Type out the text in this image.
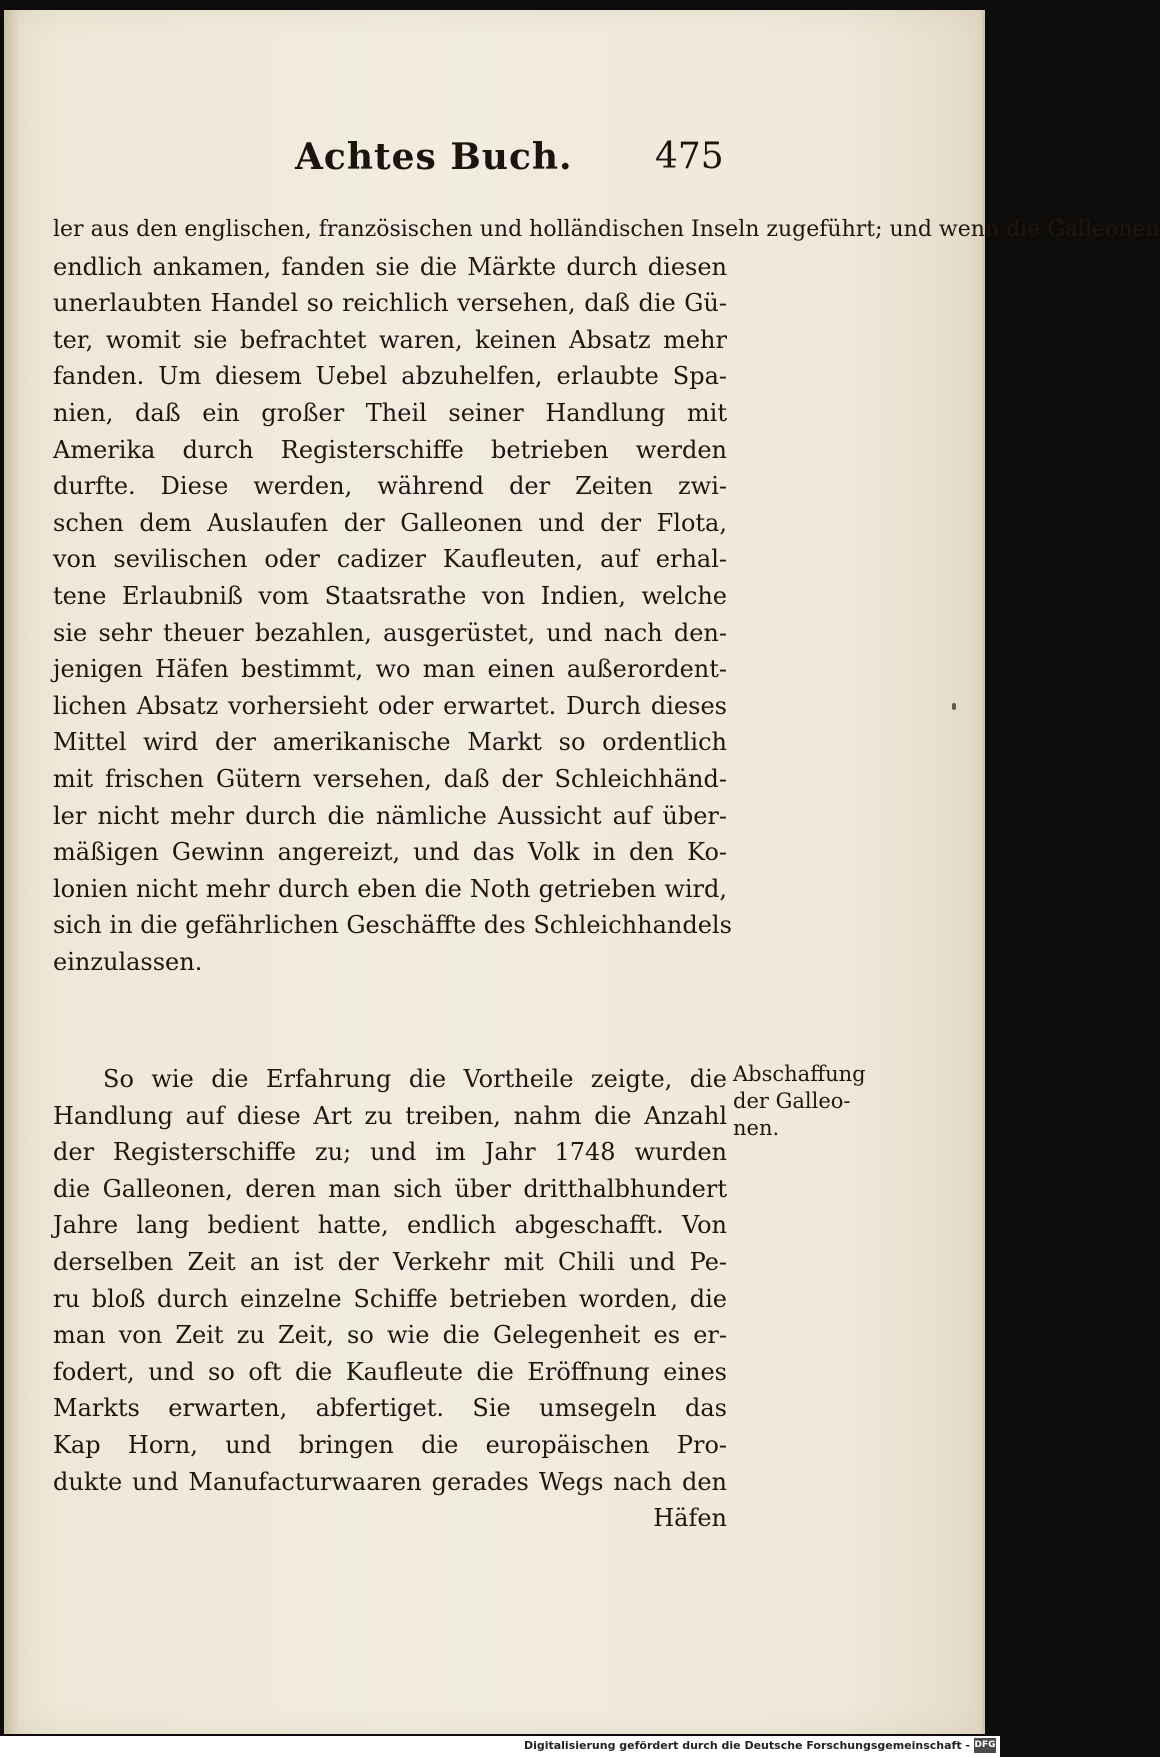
Achtes Buch. 475
ler aus den englischen, französischen und holländischen Inseln zugeführt; und wenn die Galleonen
endlich ankamen, fanden sie die Märkte durch diesen
unerlaubten Handel so reichlich versehen, daß die Gü-
ter, womit sie befrachtet waren, keinen Absatz mehr
fanden. Um diesem Uebel abzuhelfen, erlaubte Spa-
nien, daß ein großer Theil seiner Handlung mit
Amerika durch Registerschiffe betrieben werden
durfte. Diese werden, während der Zeiten zwi-
schen dem Auslaufen der Galleonen und der Flota,
von sevilischen oder cadizer Kaufleuten, auf erhal-
tene Erlaubniß vom Staatsrathe von Indien, welche
sie sehr theuer bezahlen, ausgerüstet, und nach den-
jenigen Häfen bestimmt, wo man einen außerordent-
lichen Absatz vorhersieht oder erwartet. Durch dieses
Mittel wird der amerikanische Markt so ordentlich
mit frischen Gütern versehen, daß der Schleichhänd-
ler nicht mehr durch die nämliche Aussicht auf über-
mäßigen Gewinn angereizt, und das Volk in den Ko-
lonien nicht mehr durch eben die Noth getrieben wird,
sich in die gefährlichen Geschäffte des Schleichhandels
einzulassen.
So wie die Erfahrung die Vortheile zeigte, die
Handlung auf diese Art zu treiben, nahm die Anzahl
der Registerschiffe zu; und im Jahr 1748 wurden
die Galleonen, deren man sich über dritthalbhundert
Jahre lang bedient hatte, endlich abgeschafft. Von
derselben Zeit an ist der Verkehr mit Chili und Pe-
ru bloß durch einzelne Schiffe betrieben worden, die
man von Zeit zu Zeit, so wie die Gelegenheit es er-
fodert, und so oft die Kaufleute die Eröffnung eines
Markts erwarten, abfertiget. Sie umsegeln das
Kap Horn, und bringen die europäischen Pro-
dukte und Manufacturwaaren gerades Wegs nach den
Häfen
Abschaffung
der Galleo-
nen.
Digitalisierung gefördert durch die Deutsche Forschungsgemeinschaft - DFG
